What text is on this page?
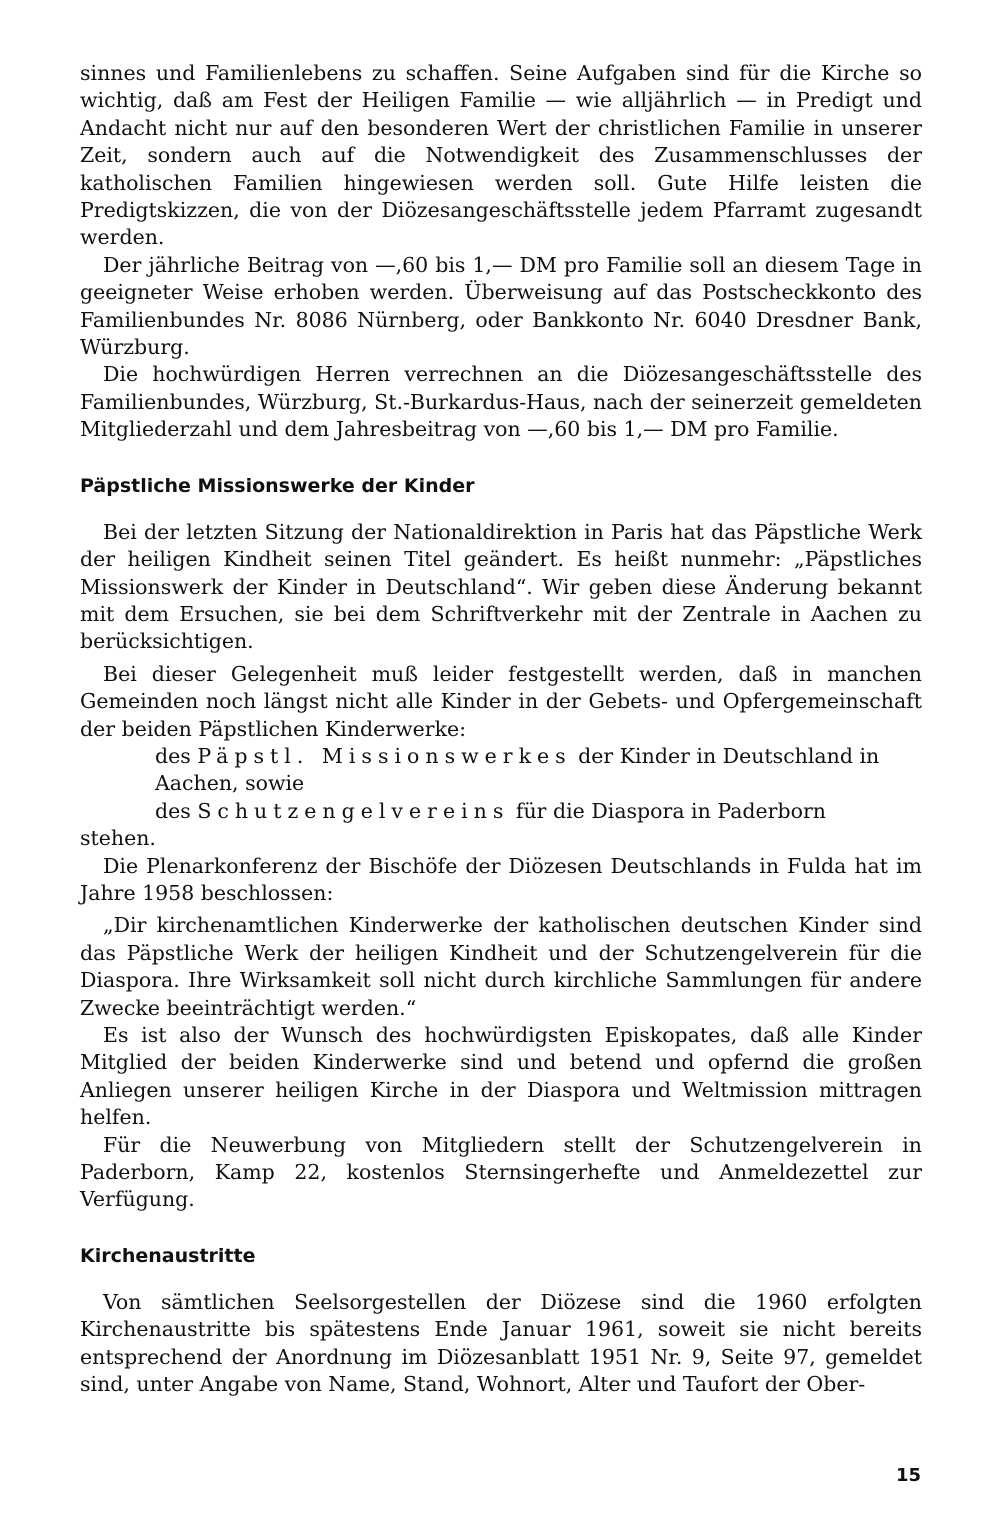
sinnes und Familienlebens zu schaffen. Seine Aufgaben sind für die Kirche so wichtig, daß am Fest der Heiligen Familie — wie alljährlich — in Predigt und Andacht nicht nur auf den besonderen Wert der christlichen Familie in unserer Zeit, sondern auch auf die Notwendigkeit des Zusammenschlusses der katholischen Familien hingewiesen werden soll. Gute Hilfe leisten die Predigtskizzen, die von der Diözesangeschäftsstelle jedem Pfarramt zugesandt werden.

Der jährliche Beitrag von —,60 bis 1,— DM pro Familie soll an diesem Tage in geeigneter Weise erhoben werden. Überweisung auf das Postscheckkonto des Familienbundes Nr. 8086 Nürnberg, oder Bankkonto Nr. 6040 Dresdner Bank, Würzburg.

Die hochwürdigen Herren verrechnen an die Diözesangeschäftsstelle des Familienbundes, Würzburg, St.-Burkardus-Haus, nach der seinerzeit gemeldeten Mitgliederzahl und dem Jahresbeitrag von —,60 bis 1,— DM pro Familie.

Päpstliche Missionswerke der Kinder

Bei der letzten Sitzung der Nationaldirektion in Paris hat das Päpstliche Werk der heiligen Kindheit seinen Titel geändert. Es heißt nunmehr: „Päpstliches Missionswerk der Kinder in Deutschland“. Wir geben diese Änderung bekannt mit dem Ersuchen, sie bei dem Schriftverkehr mit der Zentrale in Aachen zu berücksichtigen.

Bei dieser Gelegenheit muß leider festgestellt werden, daß in manchen Gemeinden noch längst nicht alle Kinder in der Gebets- und Opfergemeinschaft der beiden Päpstlichen Kinderwerke:

des Päpstl. Missionswerkes der Kinder in Deutschland in Aachen, sowie

des Schutzengelvereins für die Diaspora in Paderborn

stehen.

Die Plenarkonferenz der Bischöfe der Diözesen Deutschlands in Fulda hat im Jahre 1958 beschlossen:

„Dir kirchenamtlichen Kinderwerke der katholischen deutschen Kinder sind das Päpstliche Werk der heiligen Kindheit und der Schutzengelverein für die Diaspora. Ihre Wirksamkeit soll nicht durch kirchliche Sammlungen für andere Zwecke beeinträchtigt werden.“

Es ist also der Wunsch des hochwürdigsten Episkopates, daß alle Kinder Mitglied der beiden Kinderwerke sind und betend und opfernd die großen Anliegen unserer heiligen Kirche in der Diaspora und Weltmission mittragen helfen.

Für die Neuwerbung von Mitgliedern stellt der Schutzengelverein in Paderborn, Kamp 22, kostenlos Sternsingerhefte und Anmeldezettel zur Verfügung.

Kirchenaustritte

Von sämtlichen Seelsorgestellen der Diözese sind die 1960 erfolgten Kirchenaustritte bis spätestens Ende Januar 1961, soweit sie nicht bereits entsprechend der Anordnung im Diözesanblatt 1951 Nr. 9, Seite 97, gemeldet sind, unter Angabe von Name, Stand, Wohnort, Alter und Taufort der Ober-

15
